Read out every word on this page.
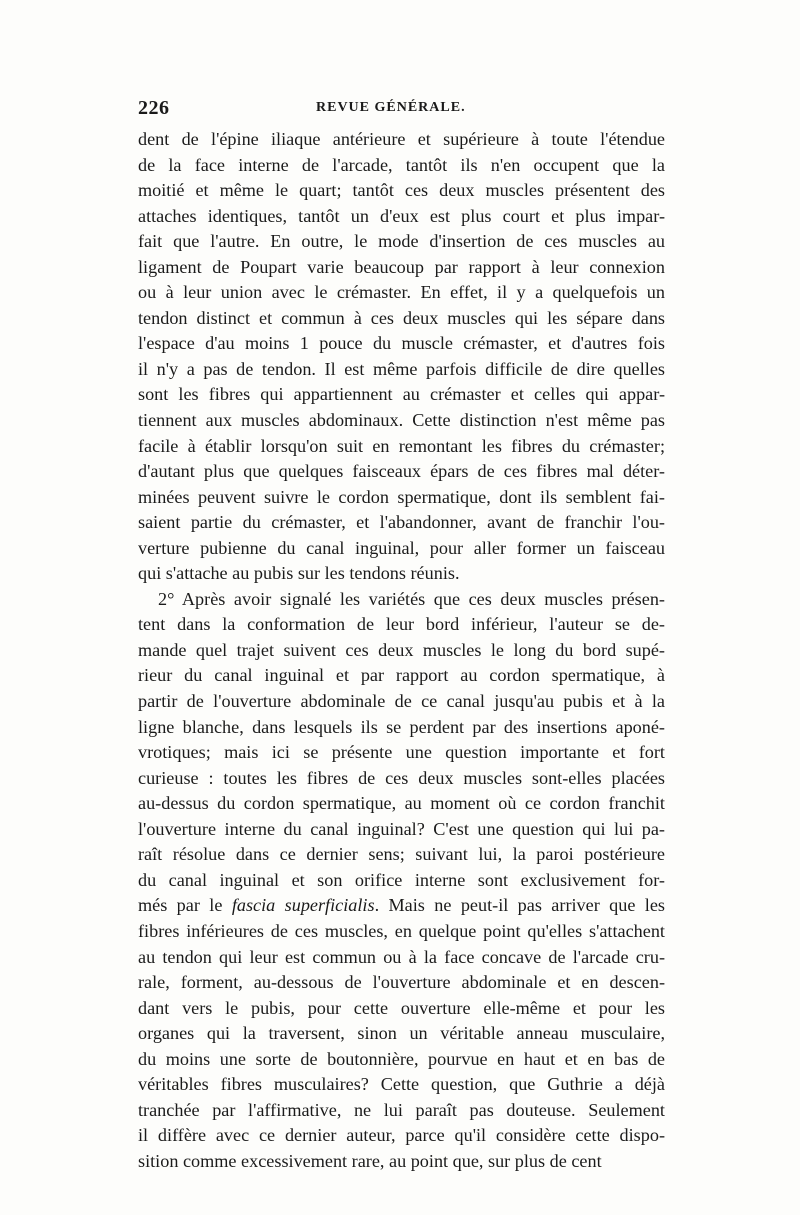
226	REVUE GÉNÉRALE.
dent de l'épine iliaque antérieure et supérieure à toute l'étendue
de la face interne de l'arcade, tantôt ils n'en occupent que la
moitié et même le quart; tantôt ces deux muscles présentent des
attaches identiques, tantôt un d'eux est plus court et plus impar-
fait que l'autre. En outre, le mode d'insertion de ces muscles au
ligament de Poupart varie beaucoup par rapport à leur connexion
ou à leur union avec le crémaster. En effet, il y a quelquefois un
tendon distinct et commun à ces deux muscles qui les sépare dans
l'espace d'au moins 1 pouce du muscle crémaster, et d'autres fois
il n'y a pas de tendon. Il est même parfois difficile de dire quelles
sont les fibres qui appartiennent au crémaster et celles qui appar-
tiennent aux muscles abdominaux. Cette distinction n'est même pas
facile à établir lorsqu'on suit en remontant les fibres du crémaster;
d'autant plus que quelques faisceaux épars de ces fibres mal déter-
minées peuvent suivre le cordon spermatique, dont ils semblent fai-
saient partie du crémaster, et l'abandonner, avant de franchir l'ou-
verture pubienne du canal inguinal, pour aller former un faisceau
qui s'attache au pubis sur les tendons réunis.
2° Après avoir signalé les variétés que ces deux muscles présen-
tent dans la conformation de leur bord inférieur, l'auteur se de-
mande quel trajet suivent ces deux muscles le long du bord supé-
rieur du canal inguinal et par rapport au cordon spermatique, à
partir de l'ouverture abdominale de ce canal jusqu'au pubis et à la
ligne blanche, dans lesquels ils se perdent par des insertions aponé-
vrotiques; mais ici se présente une question importante et fort
curieuse : toutes les fibres de ces deux muscles sont-elles placées
au-dessus du cordon spermatique, au moment où ce cordon franchit
l'ouverture interne du canal inguinal? C'est une question qui lui pa-
raît résolue dans ce dernier sens; suivant lui, la paroi postérieure
du canal inguinal et son orifice interne sont exclusivement for-
més par le fascia superficialis. Mais ne peut-il pas arriver que les
fibres inférieures de ces muscles, en quelque point qu'elles s'attachent
au tendon qui leur est commun ou à la face concave de l'arcade cru-
rale, forment, au-dessous de l'ouverture abdominale et en descen-
dant vers le pubis, pour cette ouverture elle-même et pour les
organes qui la traversent, sinon un véritable anneau musculaire,
du moins une sorte de boutonnière, pourvue en haut et en bas de
véritables fibres musculaires? Cette question, que Guthrie a déjà
tranchée par l'affirmative, ne lui paraît pas douteuse. Seulement
il diffère avec ce dernier auteur, parce qu'il considère cette dispo-
sition comme excessivement rare, au point que, sur plus de cent
